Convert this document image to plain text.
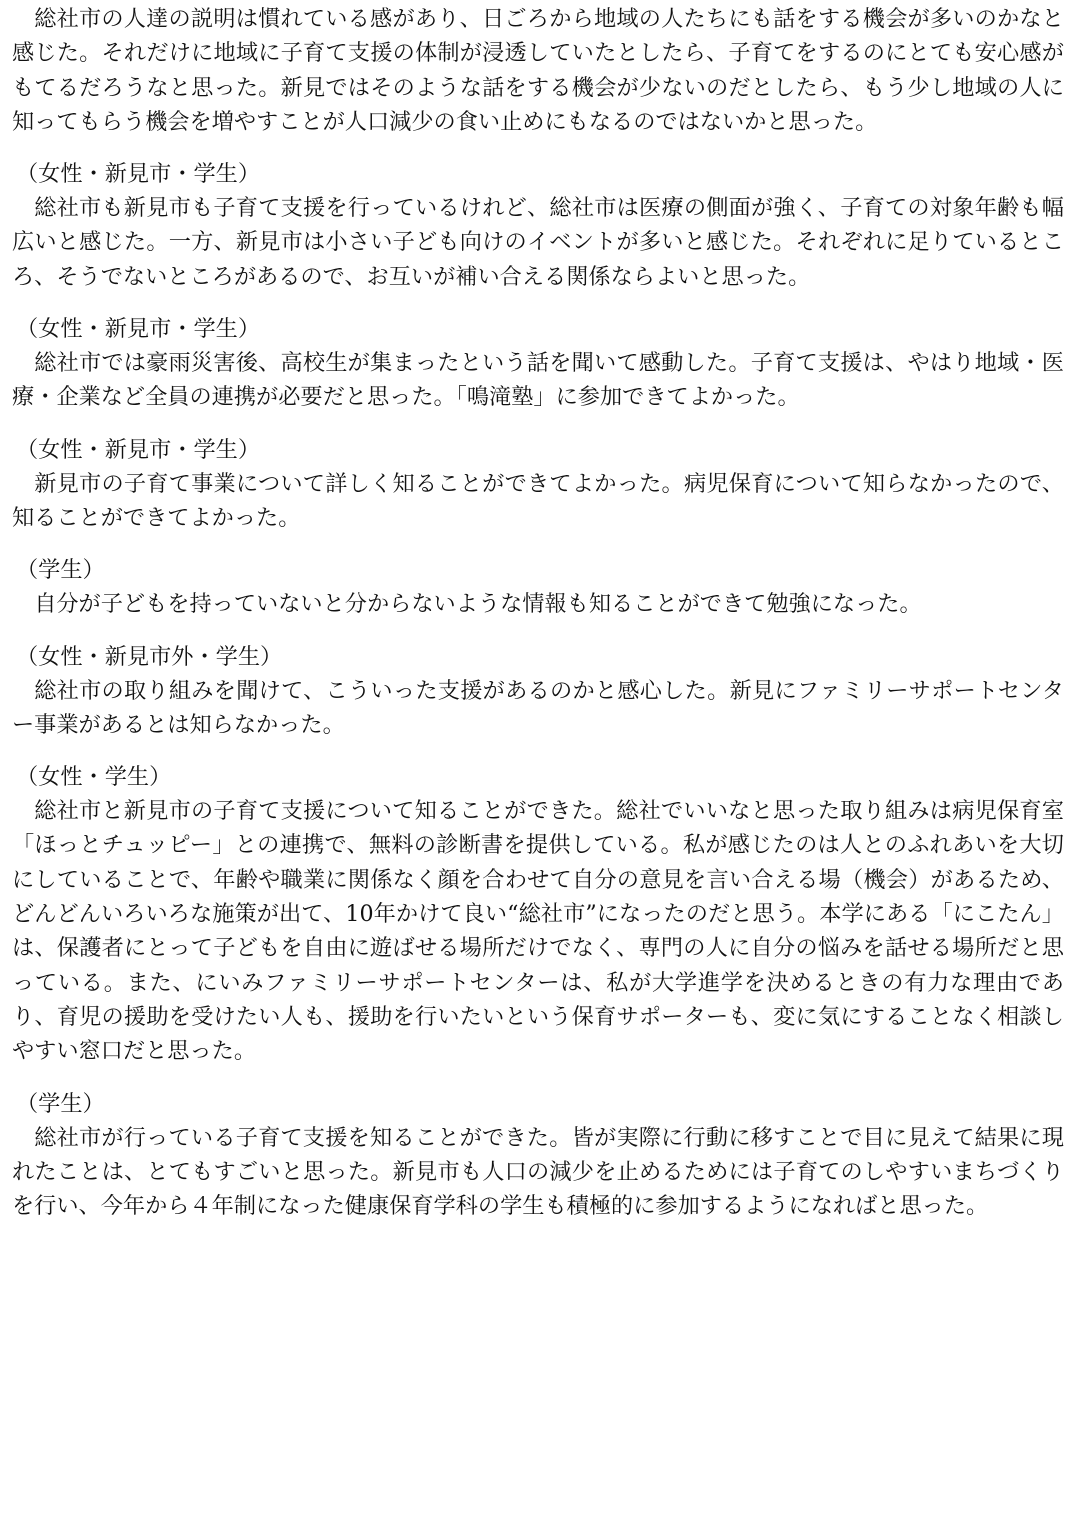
総社市の人達の説明は慣れている感があり、日ごろから地域の人たちにも話をする機会が多いのかなと感じた。それだけに地域に子育て支援の体制が浸透していたとしたら、子育てをするのにとても安心感がもてるだろうなと思った。新見ではそのような話をする機会が少ないのだとしたら、もう少し地域の人に知ってもらう機会を増やすことが人口減少の食い止めにもなるのではないかと思った。

（女性・新見市・学生）

総社市も新見市も子育て支援を行っているけれど、総社市は医療の側面が強く、子育ての対象年齢も幅広いと感じた。一方、新見市は小さい子ども向けのイベントが多いと感じた。それぞれに足りているところ、そうでないところがあるので、お互いが補い合える関係ならよいと思った。

（女性・新見市・学生）

総社市では豪雨災害後、高校生が集まったという話を聞いて感動した。子育て支援は、やはり地域・医療・企業など全員の連携が必要だと思った。「鳴滝塾」に参加できてよかった。

（女性・新見市・学生）

新見市の子育て事業について詳しく知ることができてよかった。病児保育について知らなかったので、知ることができてよかった。

（学生）

自分が子どもを持っていないと分からないような情報も知ることができて勉強になった。

（女性・新見市外・学生）

総社市の取り組みを聞けて、こういった支援があるのかと感心した。新見にファミリーサポートセンター事業があるとは知らなかった。

（女性・学生）

総社市と新見市の子育て支援について知ることができた。総社でいいなと思った取り組みは病児保育室「ほっとチュッピー」との連携で、無料の診断書を提供している。私が感じたのは人とのふれあいを大切にしていることで、年齢や職業に関係なく顔を合わせて自分の意見を言い合える場（機会）があるため、どんどんいろいろな施策が出て、10年かけて良い“総社市”になったのだと思う。本学にある「にこたん」は、保護者にとって子どもを自由に遊ばせる場所だけでなく、専門の人に自分の悩みを話せる場所だと思っている。また、にいみファミリーサポートセンターは、私が大学進学を決めるときの有力な理由であり、育児の援助を受けたい人も、援助を行いたいという保育サポーターも、変に気にすることなく相談しやすい窓口だと思った。

（学生）

総社市が行っている子育て支援を知ることができた。皆が実際に行動に移すことで目に見えて結果に現れたことは、とてもすごいと思った。新見市も人口の減少を止めるためには子育てのしやすいまちづくりを行い、今年から４年制になった健康保育学科の学生も積極的に参加するようになればと思った。
